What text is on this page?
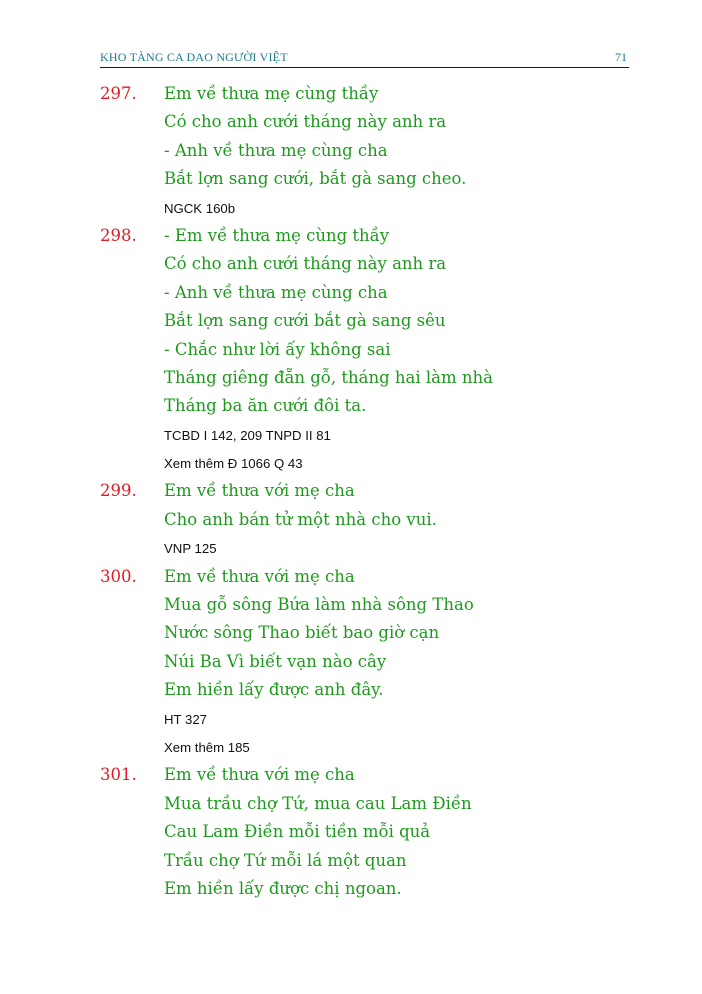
KHO TÀNG CA DAO NGƯỜI VIỆT	71
297. Em về thưa mẹ cùng thầy
Có cho anh cưới tháng này anh ra
- Anh về thưa mẹ cùng cha
Bắt lợn sang cưới, bắt gà sang cheo.
NGCK 160b
298. - Em về thưa mẹ cùng thầy
Có cho anh cưới tháng này anh ra
- Anh về thưa mẹ cùng cha
Bắt lợn sang cưới bắt gà sang sêu
- Chắc như lời ấy không sai
Tháng giêng đẵn gỗ, tháng hai làm nhà
Tháng ba ăn cưới đôi ta.
TCBD I 142, 209 TNPD II 81
Xem thêm Đ 1066 Q 43
299. Em về thưa với mẹ cha
Cho anh bán tử một nhà cho vui.
VNP 125
300. Em về thưa với mẹ cha
Mua gỗ sông Bứa làm nhà sông Thao
Nước sông Thao biết bao giờ cạn
Núi Ba Vì biết vạn nào cây
Em hiền lấy được anh đây.
HT 327
Xem thêm 185
301. Em về thưa với mẹ cha
Mua trầu chợ Tứ, mua cau Lam Điền
Cau Lam Điền mỗi tiền mỗi quả
Trầu chợ Tứ mỗi lá một quan
Em hiền lấy được chị ngoan.
